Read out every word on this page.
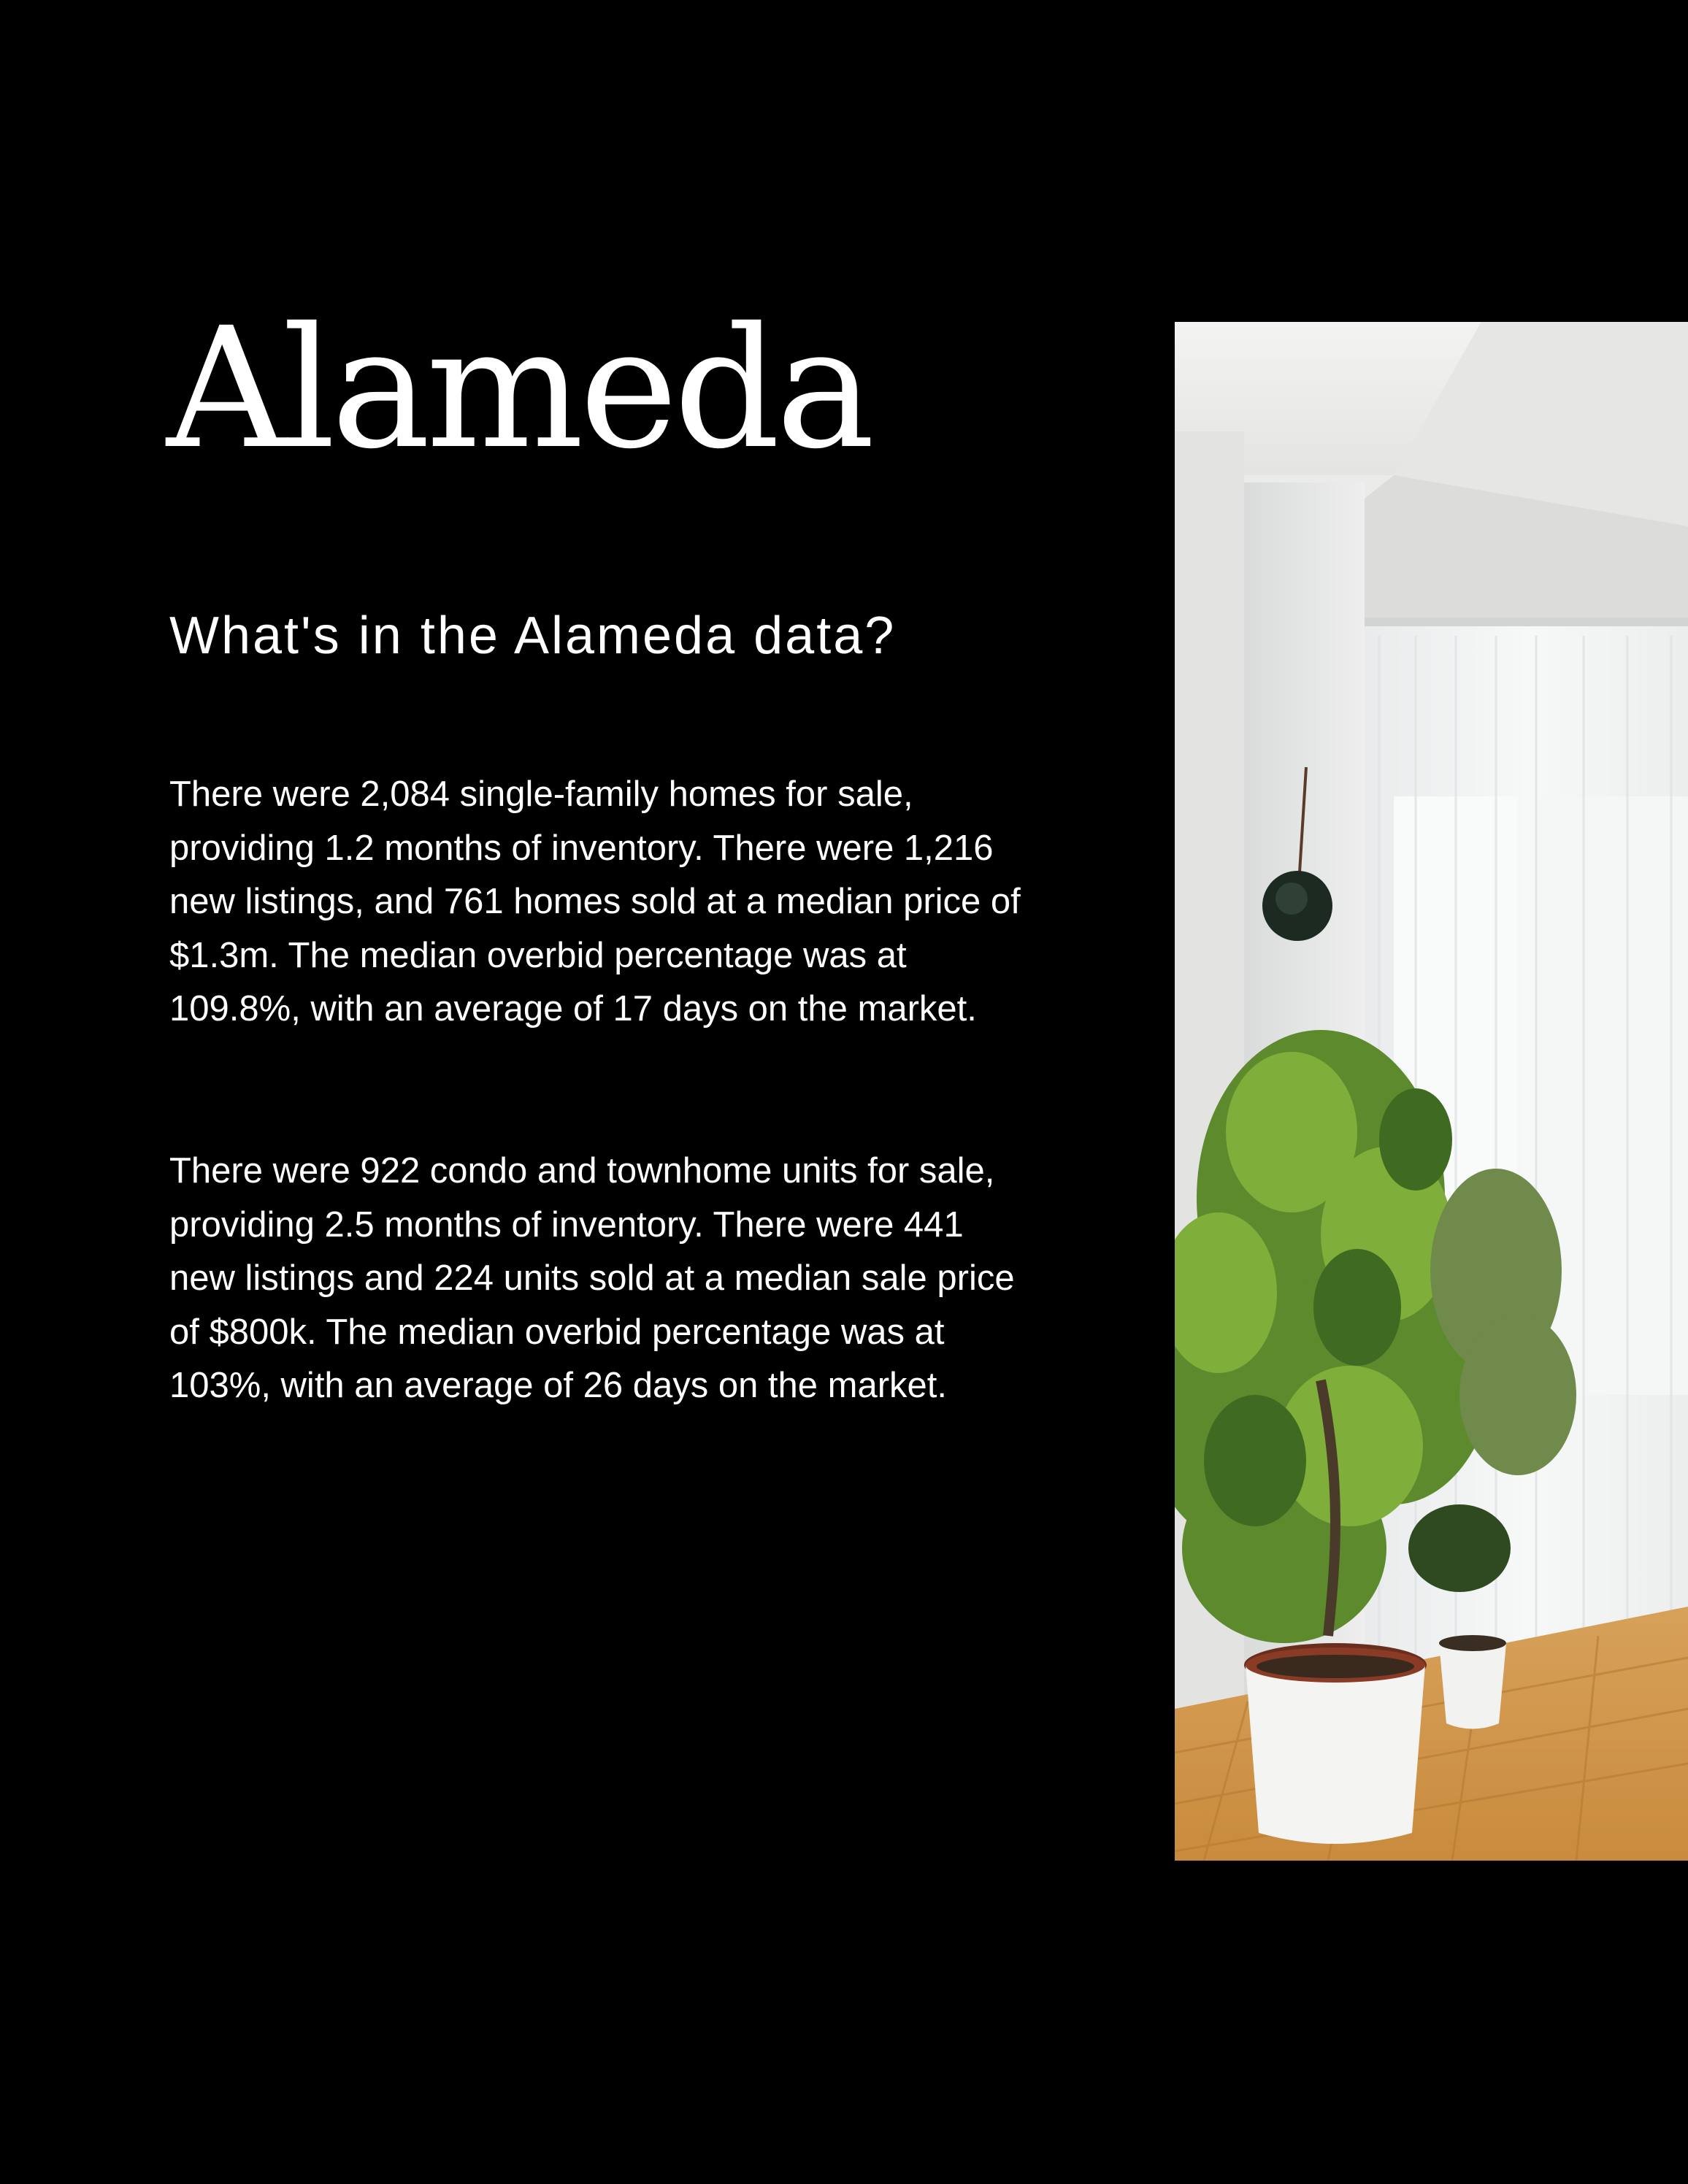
Alameda
What's in the Alameda data?

There were 2,084 single-family homes for sale, providing 1.2 months of inventory. There were 1,216 new listings, and 761 homes sold at a median price of $1.3m. The median overbid percentage was at 109.8%, with an average of 17 days on the market.

There were 922 condo and townhome units for sale, providing 2.5 months of inventory. There were 441 new listings and 224 units sold at a median sale price of $800k. The median overbid percentage was at 103%, with an average of 26 days on the market.
